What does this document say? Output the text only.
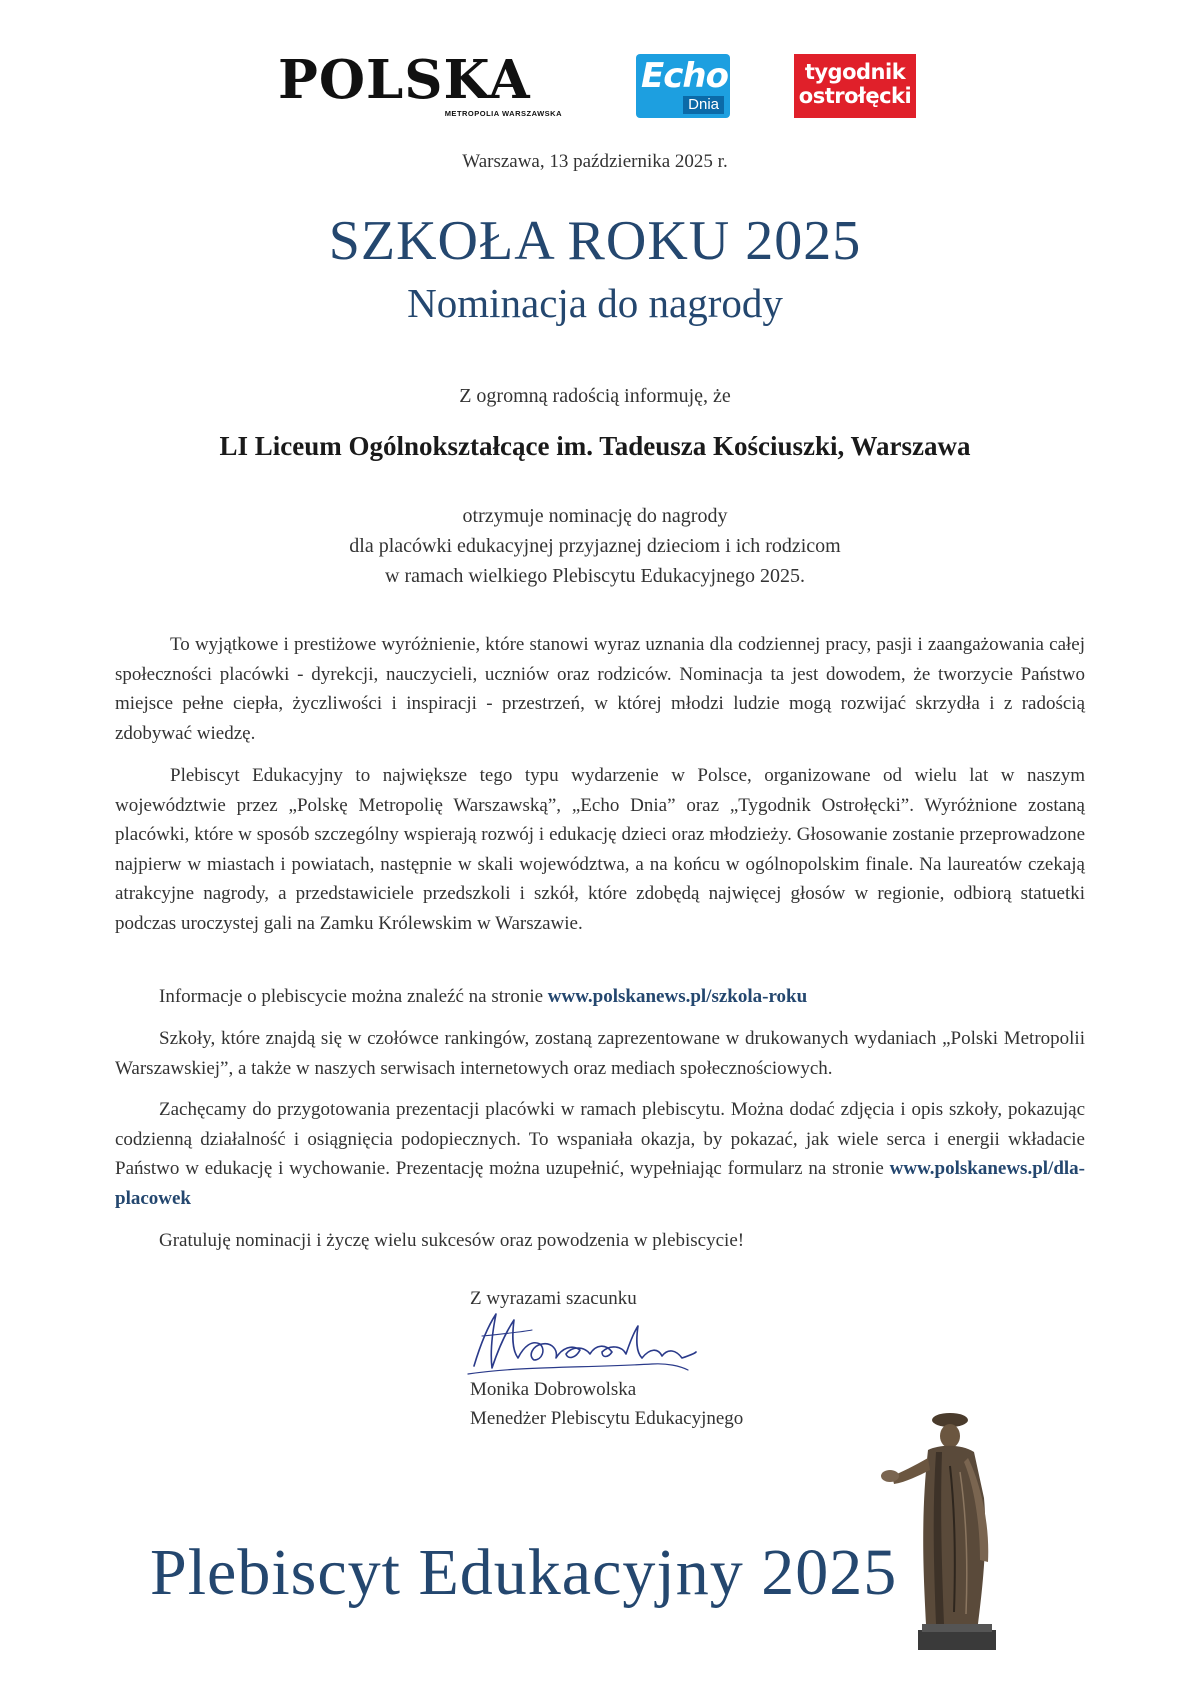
POLSKA
METROPOLIA WARSZAWSKA
Echo
Dnia
tygodnik
ostrołęcki
Warszawa, 13 października 2025 r.
SZKOŁA ROKU 2025
Nominacja do nagrody
Z ogromną radością informuję, że
LI Liceum Ogólnokształcące im. Tadeusza Kościuszki, Warszawa
otrzymuje nominację do nagrody
dla placówki edukacyjnej przyjaznej dzieciom i ich rodzicom
w ramach wielkiego Plebiscytu Edukacyjnego 2025.

To wyjątkowe i prestiżowe wyróżnienie, które stanowi wyraz uznania dla codziennej pracy, pasji i zaangażowania całej społeczności placówki - dyrekcji, nauczycieli, uczniów oraz rodziców. Nominacja ta jest dowodem, że tworzycie Państwo miejsce pełne ciepła, życzliwości i inspiracji - przestrzeń, w której młodzi ludzie mogą rozwijać skrzydła i z radością zdobywać wiedzę.

Plebiscyt Edukacyjny to największe tego typu wydarzenie w Polsce, organizowane od wielu lat w naszym województwie przez „Polskę Metropolię Warszawską”, „Echo Dnia” oraz „Tygodnik Ostrołęcki”. Wyróżnione zostaną placówki, które w sposób szczególny wspierają rozwój i edukację dzieci oraz młodzieży. Głosowanie zostanie przeprowadzone najpierw w miastach i powiatach, następnie w skali województwa, a na końcu w ogólnopolskim finale. Na laureatów czekają atrakcyjne nagrody, a przedstawiciele przedszkoli i szkół, które zdobędą najwięcej głosów w regionie, odbiorą statuetki podczas uroczystej gali na Zamku Królewskim w Warszawie.

Informacje o plebiscycie można znaleźć na stronie www.polskanews.pl/szkola-roku

Szkoły, które znajdą się w czołówce rankingów, zostaną zaprezentowane w drukowanych wydaniach „Polski Metropolii Warszawskiej”, a także w naszych serwisach internetowych oraz mediach społecznościowych.

Zachęcamy do przygotowania prezentacji placówki w ramach plebiscytu. Można dodać zdjęcia i opis szkoły, pokazując codzienną działalność i osiągnięcia podopiecznych. To wspaniała okazja, by pokazać, jak wiele serca i energii wkładacie Państwo w edukację i wychowanie. Prezentację można uzupełnić, wypełniając formularz na stronie www.polskanews.pl/dla-placowek

Gratuluję nominacji i życzę wielu sukcesów oraz powodzenia w plebiscycie!

Z wyrazami szacunku
Monika Dobrowolska
Menedżer Plebiscytu Edukacyjnego
Plebiscyt Edukacyjny 2025
